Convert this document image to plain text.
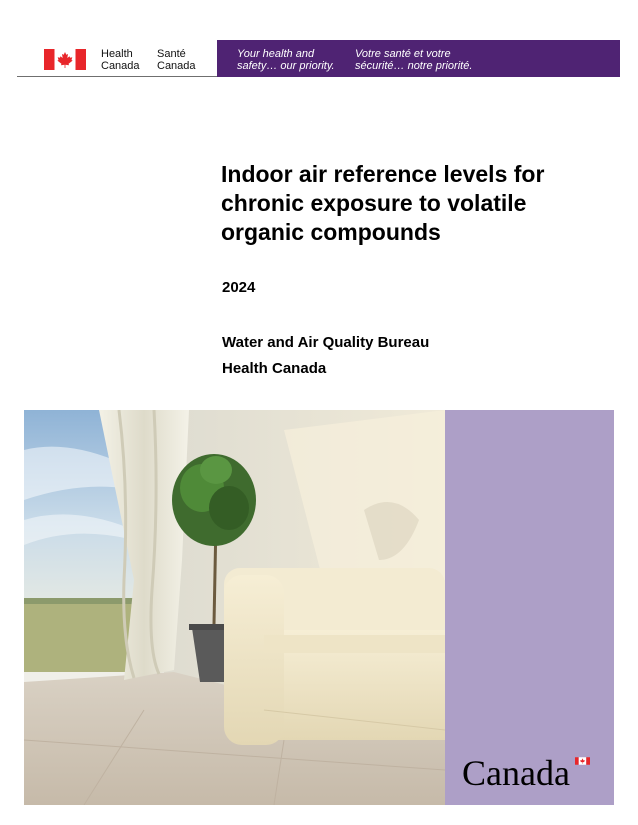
Health
Canada
Santé
Canada
Your health and
safety… our priority.
Votre santé et votre
sécurité… notre priorité.
Indoor air reference levels for chronic exposure to volatile organic compounds
2024
Water and Air Quality Bureau
Health Canada
Canada
